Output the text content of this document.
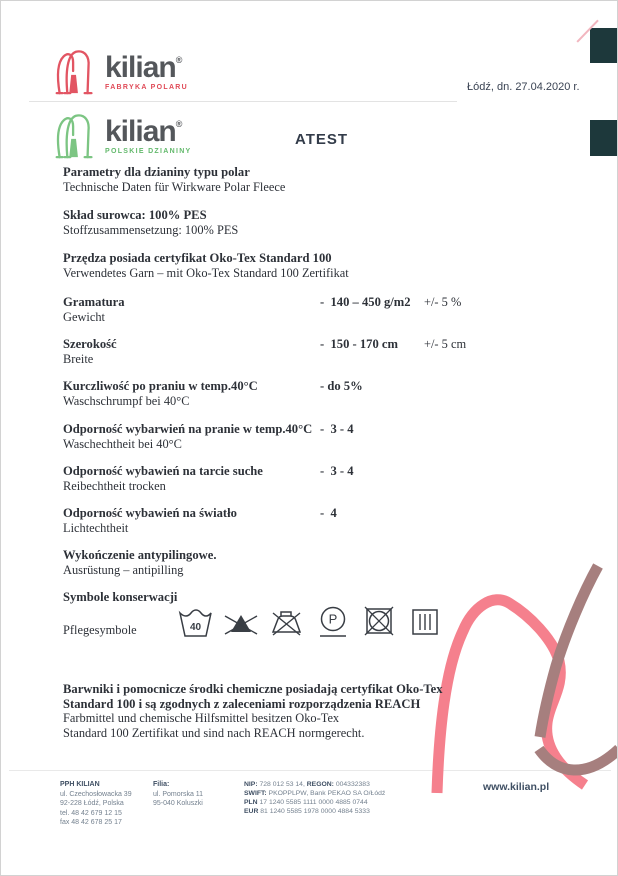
kilian®
FABRYKA POLARU	Łódź, dn. 27.04.2020 r.
kilian®
POLSKIE DZIANINY
ATEST
Parametry dla dzianiny typu polar
Technische Daten für Wirkware Polar Fleece
Skład surowca: 100% PES
Stoffzusammensetzung: 100% PES
Przędza posiada certyfikat Oko-Tex Standard 100
Verwendetes Garn – mit Oko-Tex Standard 100 Zertifikat
Gramatura
Gewicht
-  140 – 450 g/m2 +/- 5 %
Szerokość
Breite
-  150 - 170 cm +/- 5 cm
Kurczliwość po praniu w temp.40°C
Waschschrumpf bei 40°C
- do 5%
Odporność wybarwień na pranie w temp.40°C
Waschechtheit bei 40°C
-  3 - 4
Odporność wybawień na tarcie suche
Reibechtheit trocken
-  3 - 4
Odporność wybawień na światło
Lichtechtheit
-  4
Wykończenie antypilingowe.
Ausrüstung – antipilling
Symbole konserwacji
Pflegesymbole	40
P
Barwniki i pomocnicze środki chemiczne posiadają certyfikat Oko-Tex
Standard 100 i są zgodnych z zaleceniami rozporządzenia REACH
Farbmittel und chemische Hilfsmittel besitzen Oko-Tex
Standard 100 Zertifikat und sind nach REACH normgerecht.
PPH KILIAN
ul. Czechosłowacka 39
92-228 Łódź, Polska
tel. 48 42 679 12 15
fax 48 42 678 25 17
Filia:
ul. Pomorska 11
95-040 Koluszki
NIP: 728 012 53 14, REGON: 004332383
SWIFT: PKOPPLPW, Bank PEKAO SA O/Łódź
PLN 17 1240 5585 1111 0000 4885 0744
EUR 81 1240 5585 1978 0000 4884 5333
www.kilian.pl
